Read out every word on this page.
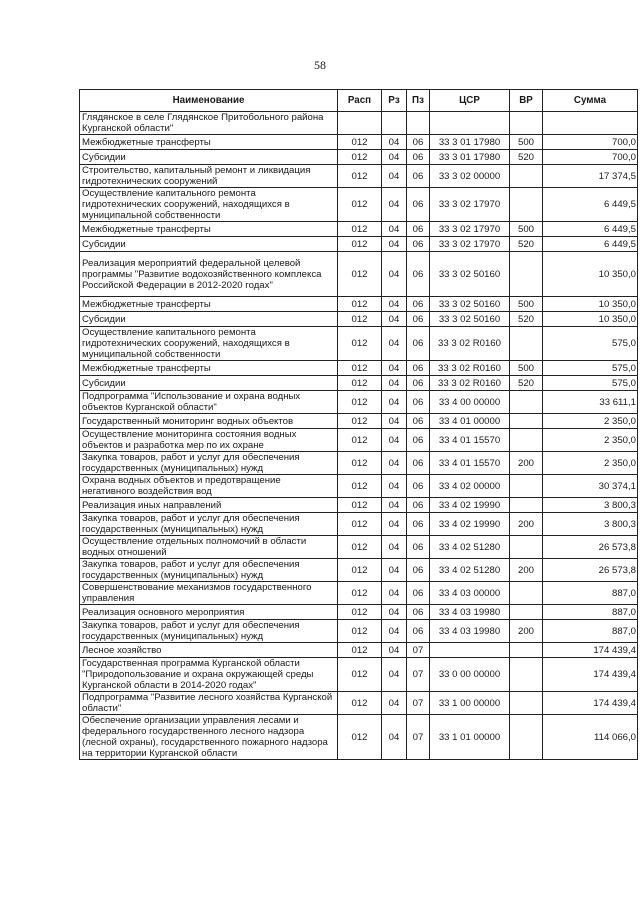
58
Наименование	Расп	Рз	Пз	ЦСР	ВР	Сумма
Глядянское в селе Глядянское Притобольного района Курганской области"						
Межбюджетные трансферты	012	04	06	33 3 01 17980	500	700,0
Субсидии	012	04	06	33 3 01 17980	520	700,0
Строительство, капитальный ремонт и ликвидация гидротехнических сооружений	012	04	06	33 3 02 00000		17 374,5
Осуществление капитального ремонта гидротехнических сооружений, находящихся в муниципальной собственности	012	04	06	33 3 02 17970		6 449,5
Межбюджетные трансферты	012	04	06	33 3 02 17970	500	6 449,5
Субсидии	012	04	06	33 3 02 17970	520	6 449,5
Реализация мероприятий федеральной целевой программы "Развитие водохозяйственного комплекса Российской Федерации в 2012-2020 годах"	012	04	06	33 3 02 50160		10 350,0
Межбюджетные трансферты	012	04	06	33 3 02 50160	500	10 350,0
Субсидии	012	04	06	33 3 02 50160	520	10 350,0
Осуществление капитального ремонта гидротехнических сооружений, находящихся в муниципальной собственности	012	04	06	33 3 02 R0160		575,0
Межбюджетные трансферты	012	04	06	33 3 02 R0160	500	575,0
Субсидии	012	04	06	33 3 02 R0160	520	575,0
Подпрограмма "Использование и охрана водных объектов Курганской области"	012	04	06	33 4 00 00000		33 611,1
Государственный мониторинг водных объектов	012	04	06	33 4 01 00000		2 350,0
Осуществление мониторинга состояния водных объектов и разработка мер по их охране	012	04	06	33 4 01 15570		2 350,0
Закупка товаров, работ и услуг для обеспечения государственных (муниципальных) нужд	012	04	06	33 4 01 15570	200	2 350,0
Охрана водных объектов и предотвращение негативного воздействия вод	012	04	06	33 4 02 00000		30 374,1
Реализация иных направлений	012	04	06	33 4 02 19990		3 800,3
Закупка товаров, работ и услуг для обеспечения государственных (муниципальных) нужд	012	04	06	33 4 02 19990	200	3 800,3
Осуществление отдельных полномочий в области водных отношений	012	04	06	33 4 02 51280		26 573,8
Закупка товаров, работ и услуг для обеспечения государственных (муниципальных) нужд	012	04	06	33 4 02 51280	200	26 573,8
Совершенствование механизмов государственного управления	012	04	06	33 4 03 00000		887,0
Реализация основного мероприятия	012	04	06	33 4 03 19980		887,0
Закупка товаров, работ и услуг для обеспечения государственных (муниципальных) нужд	012	04	06	33 4 03 19980	200	887,0
Лесное хозяйство	012	04	07			174 439,4
Государственная программа Курганской области "Природопользование и охрана окружающей среды Курганской области в 2014-2020 годах"	012	04	07	33 0 00 00000		174 439,4
Подпрограмма "Развитие лесного хозяйства Курганской области"	012	04	07	33 1 00 00000		174 439,4
Обеспечение организации управления лесами и федерального государственного лесного надзора (лесной охраны), государственного пожарного надзора на территории Курганской области	012	04	07	33 1 01 00000		114 066,0
